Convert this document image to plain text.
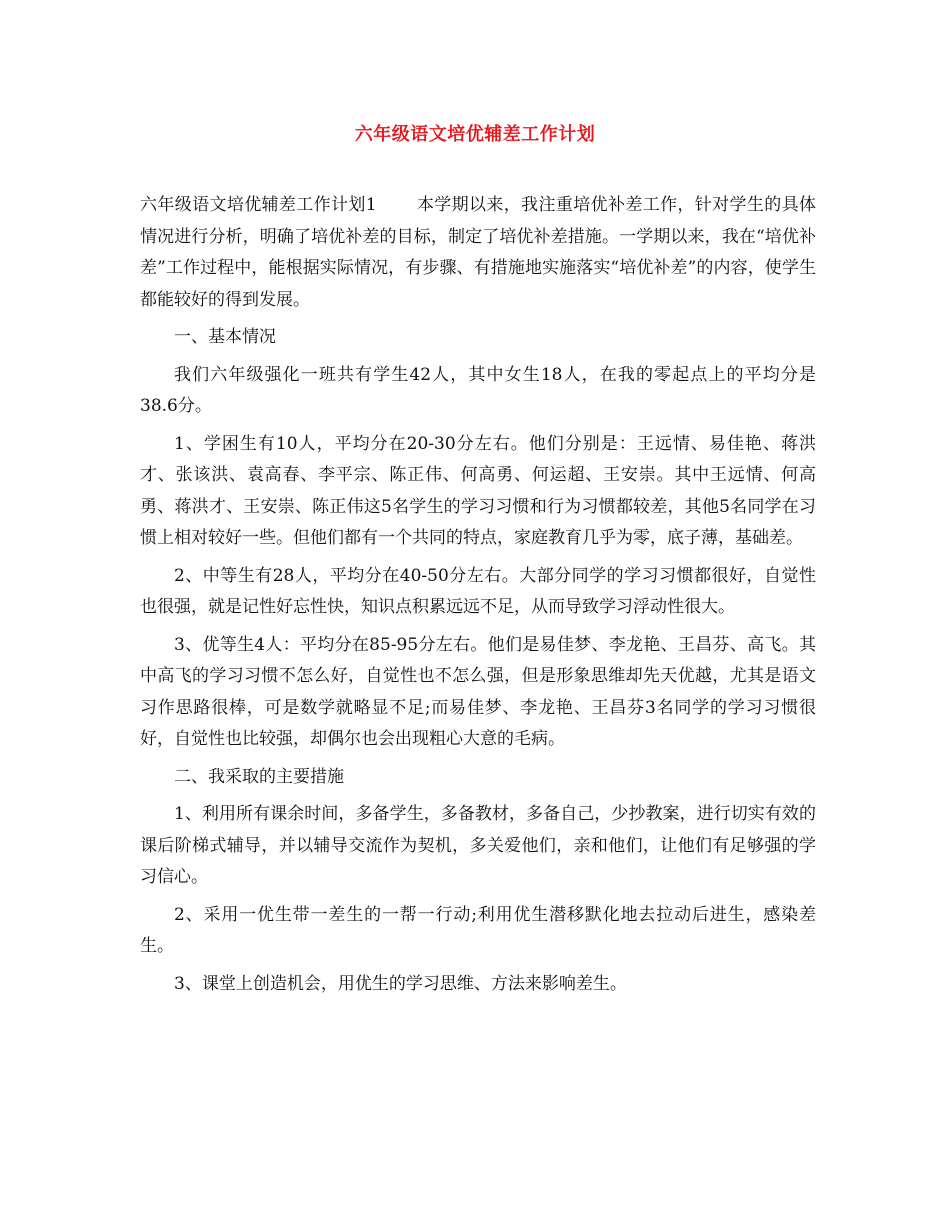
六年级语文培优辅差工作计划

六年级语文培优辅差工作计划1 本学期以来，我注重培优补差工作，针对学生的具体情况进行分析，明确了培优补差的目标，制定了培优补差措施。一学期以来，我在“培优补差”工作过程中，能根据实际情况，有步骤、有措施地实施落实“培优补差”的内容，使学生都能较好的得到发展。

一、基本情况

我们六年级强化一班共有学生42人，其中女生18人，在我的零起点上的平均分是38.6分。

1、学困生有10人，平均分在20-30分左右。他们分别是：王远情、易佳艳、蒋洪才、张该洪、袁高春、李平宗、陈正伟、何高勇、何运超、王安崇。其中王远情、何高勇、蒋洪才、王安崇、陈正伟这5名学生的学习习惯和行为习惯都较差，其他5名同学在习惯上相对较好一些。但他们都有一个共同的特点，家庭教育几乎为零，底子薄，基础差。

2、中等生有28人，平均分在40-50分左右。大部分同学的学习习惯都很好，自觉性也很强，就是记性好忘性快，知识点积累远远不足，从而导致学习浮动性很大。

3、优等生4人：平均分在85-95分左右。他们是易佳梦、李龙艳、王昌芬、高飞。其中高飞的学习习惯不怎么好，自觉性也不怎么强，但是形象思维却先天优越，尤其是语文习作思路很棒，可是数学就略显不足;而易佳梦、李龙艳、王昌芬3名同学的学习习惯很好，自觉性也比较强，却偶尔也会出现粗心大意的毛病。

二、我采取的主要措施

1、利用所有课余时间，多备学生，多备教材，多备自己，少抄教案，进行切实有效的课后阶梯式辅导，并以辅导交流作为契机，多关爱他们，亲和他们，让他们有足够强的学习信心。

2、采用一优生带一差生的一帮一行动;利用优生潜移默化地去拉动后进生，感染差生。

3、课堂上创造机会，用优生的学习思维、方法来影响差生。
